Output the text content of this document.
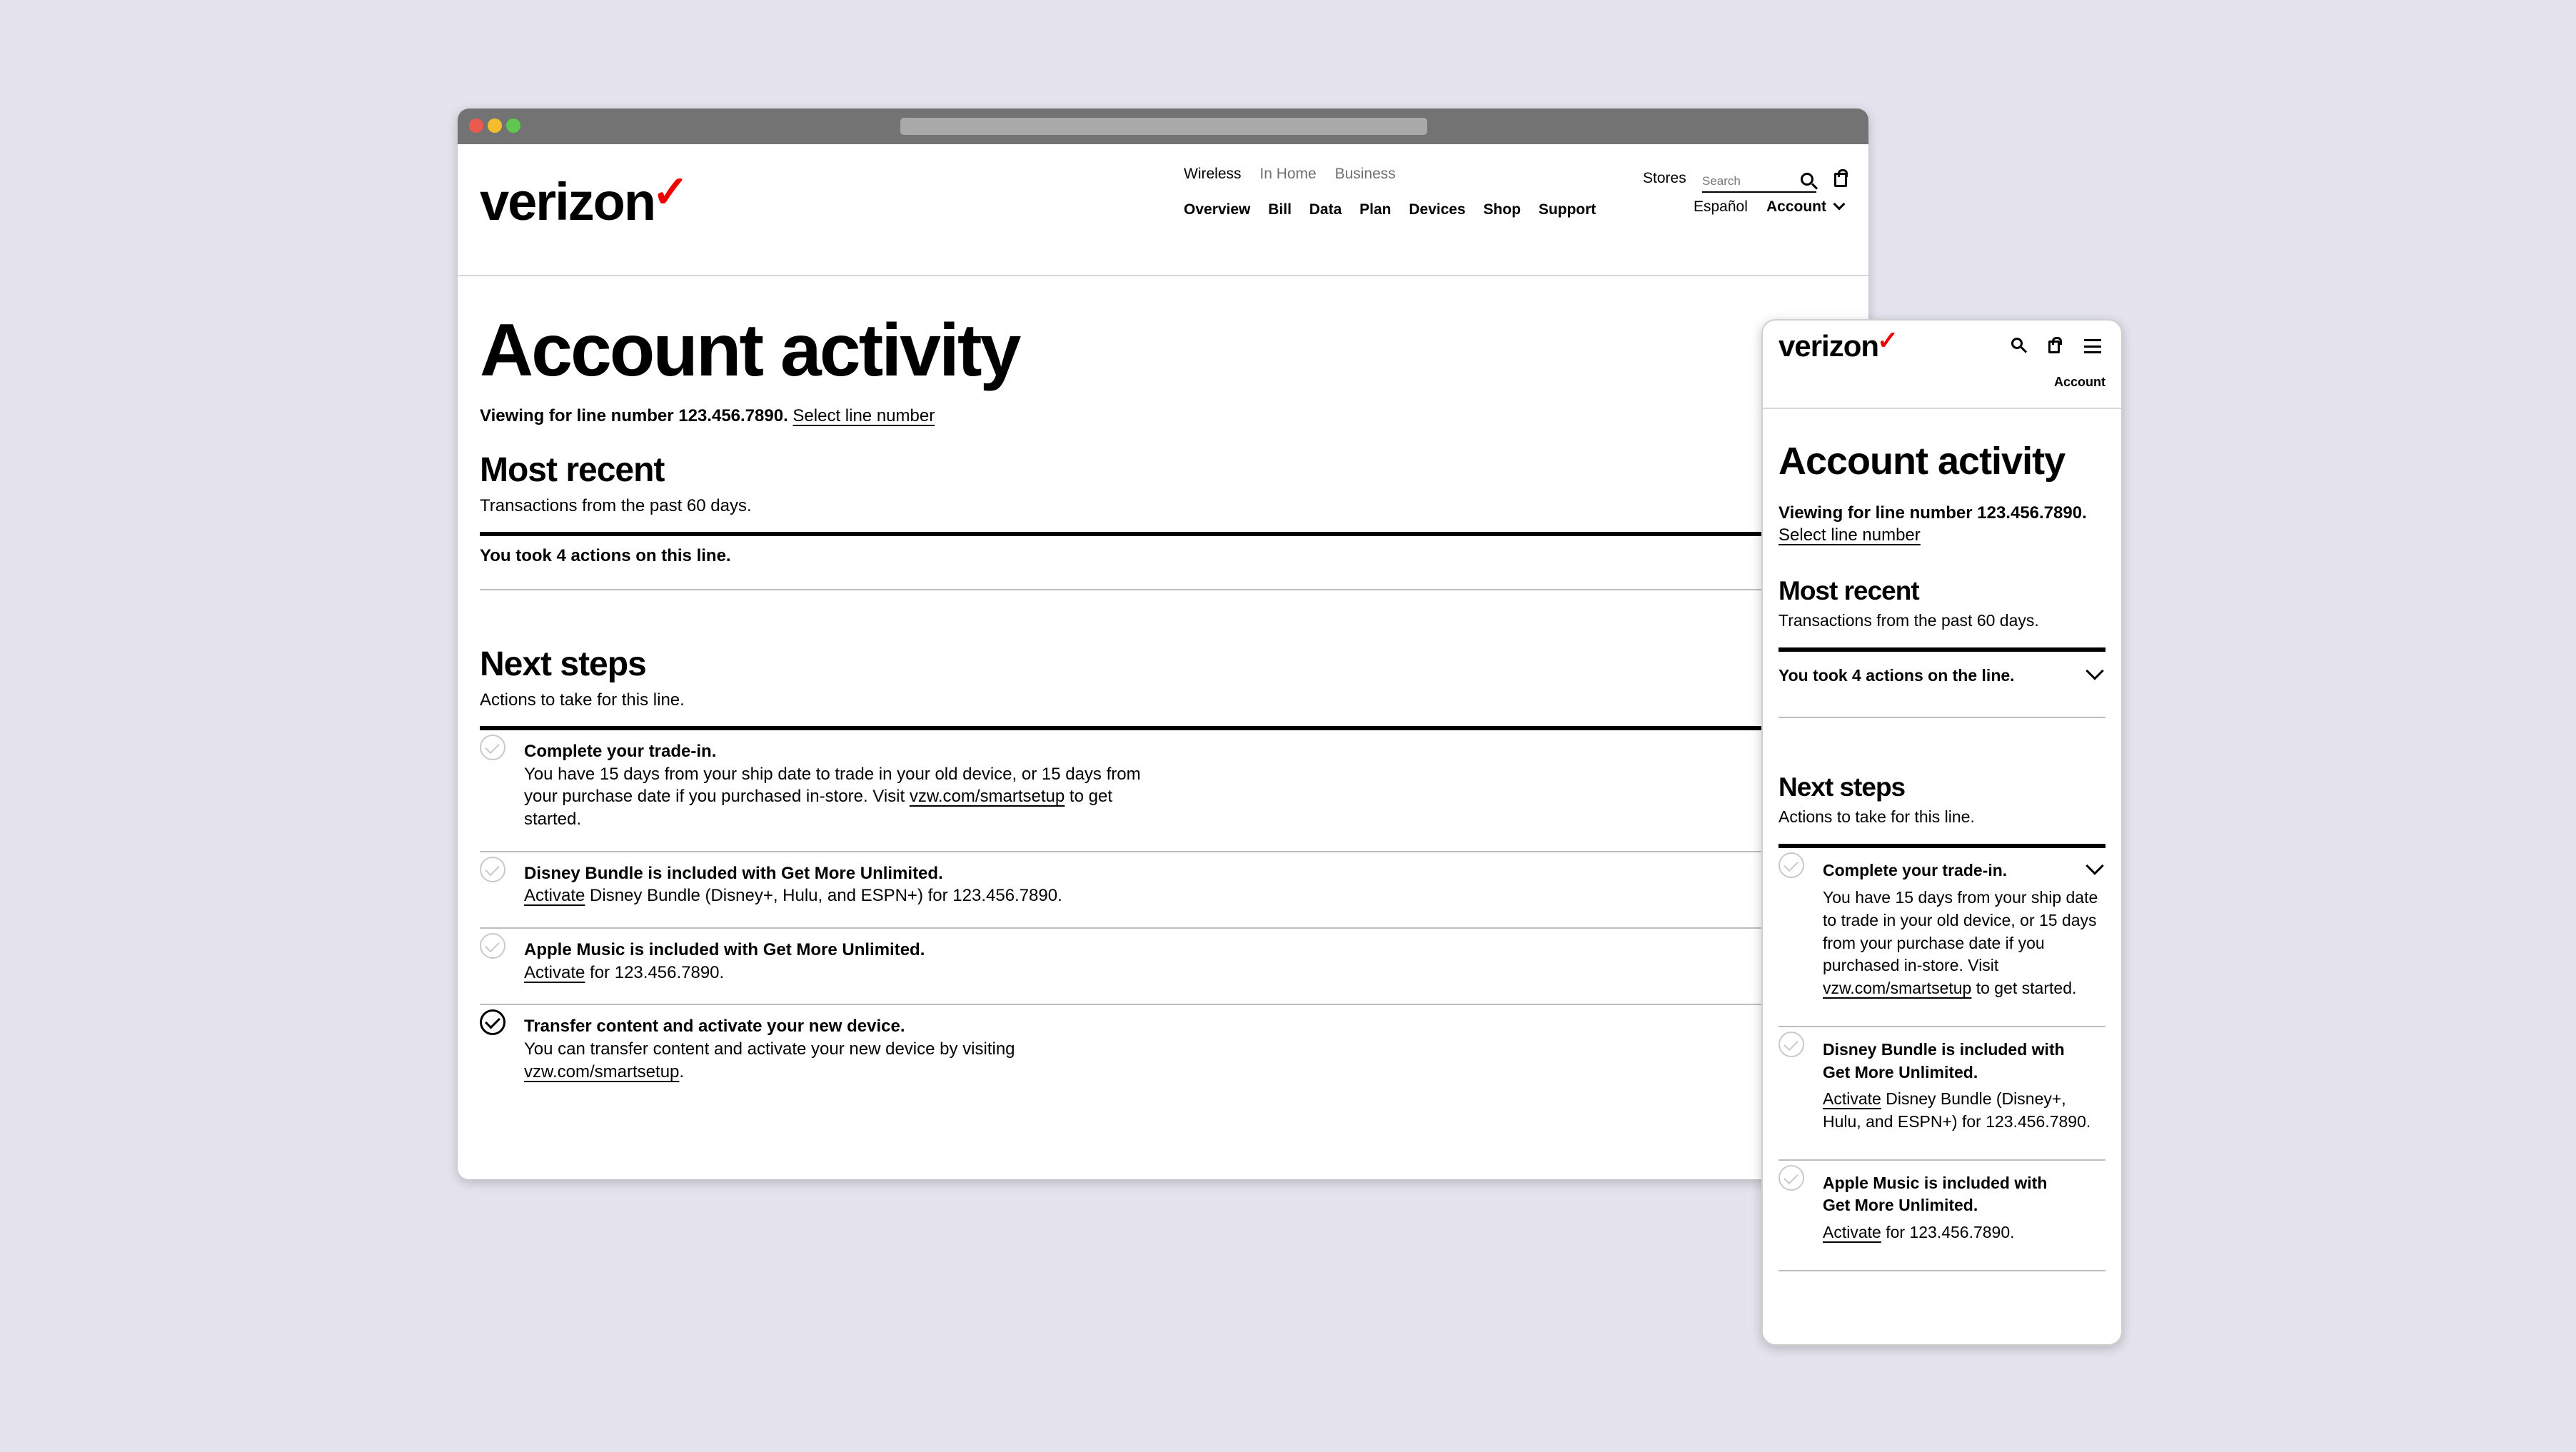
verizon✓	Wireless In Home Business
Overview Bill Data Plan Devices Shop Support
Stores
Search
Español Account
Account activity

Viewing for line number 123.456.7890. Select line number

Most recent

Transactions from the past 60 days.

You took 4 actions on this line.
Next steps

Actions to take for this line.

Complete your trade-in.
You have 15 days from your ship date to trade in your old device, or 15 days from your purchase date if you purchased in-store. Visit vzw.com/smartsetup to get started.
Disney Bundle is included with Get More Unlimited.
Activate Disney Bundle (Disney+, Hulu, and ESPN+) for 123.456.7890.
Apple Music is included with Get More Unlimited.
Activate for 123.456.7890.
Transfer content and activate your new device.
You can transfer content and activate your new device by visiting vzw.com/smartsetup.
verizon✓
Account
Account activity

Viewing for line number 123.456.7890. Select line number

Most recent

Transactions from the past 60 days.

You took 4 actions on the line.
Next steps

Actions to take for this line.

Complete your trade-in.
You have 15 days from your ship date to trade in your old device, or 15 days from your purchase date if you purchased in-store. Visit vzw.com/smartsetup to get started.
Disney Bundle is included with Get More Unlimited.
Activate Disney Bundle (Disney+, Hulu, and ESPN+) for 123.456.7890.
Apple Music is included with Get More Unlimited.
Activate for 123.456.7890.
